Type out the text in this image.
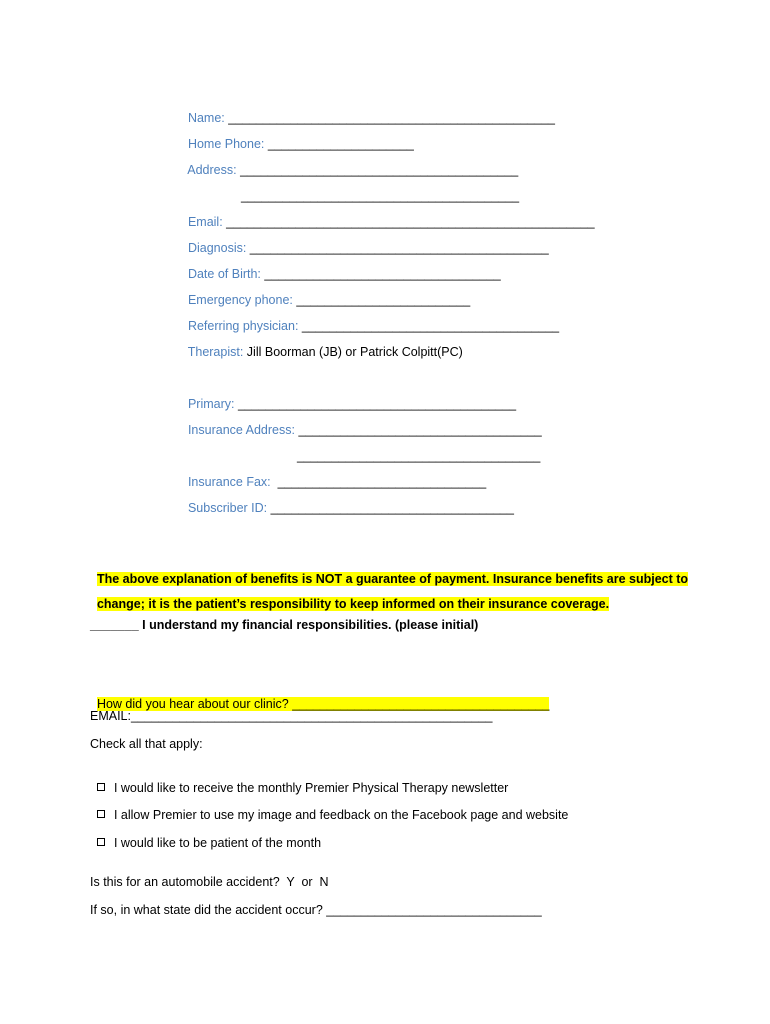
Name: _______________________________________________

Home Phone: _____________________

Address: ________________________________________

________________________________________

Email: _____________________________________________________

Diagnosis: ___________________________________________

Date of Birth: __________________________________

Emergency phone: _________________________

Referring physician: _____________________________________

Therapist: Jill Boorman (JB) or Patrick Colpitt(PC)

Primary: ________________________________________

Insurance Address: ___________________________________

___________________________________

Insurance Fax:  ______________________________

Subscriber ID: ___________________________________

The above explanation of benefits is NOT a guarantee of payment. Insurance benefits are subject to

change; it is the patient’s responsibility to keep informed on their insurance coverage.

_______ I understand my financial responsibilities. (please initial)

How did you hear about our clinic? _____________________________________

EMAIL:____________________________________________________
Check all that apply:

I would like to receive the monthly Premier Physical Therapy newsletter

I allow Premier to use my image and feedback on the Facebook page and website

I would like to be patient of the month

Is this for an automobile accident?  Y  or  N
If so, in what state did the accident occur? _______________________________
